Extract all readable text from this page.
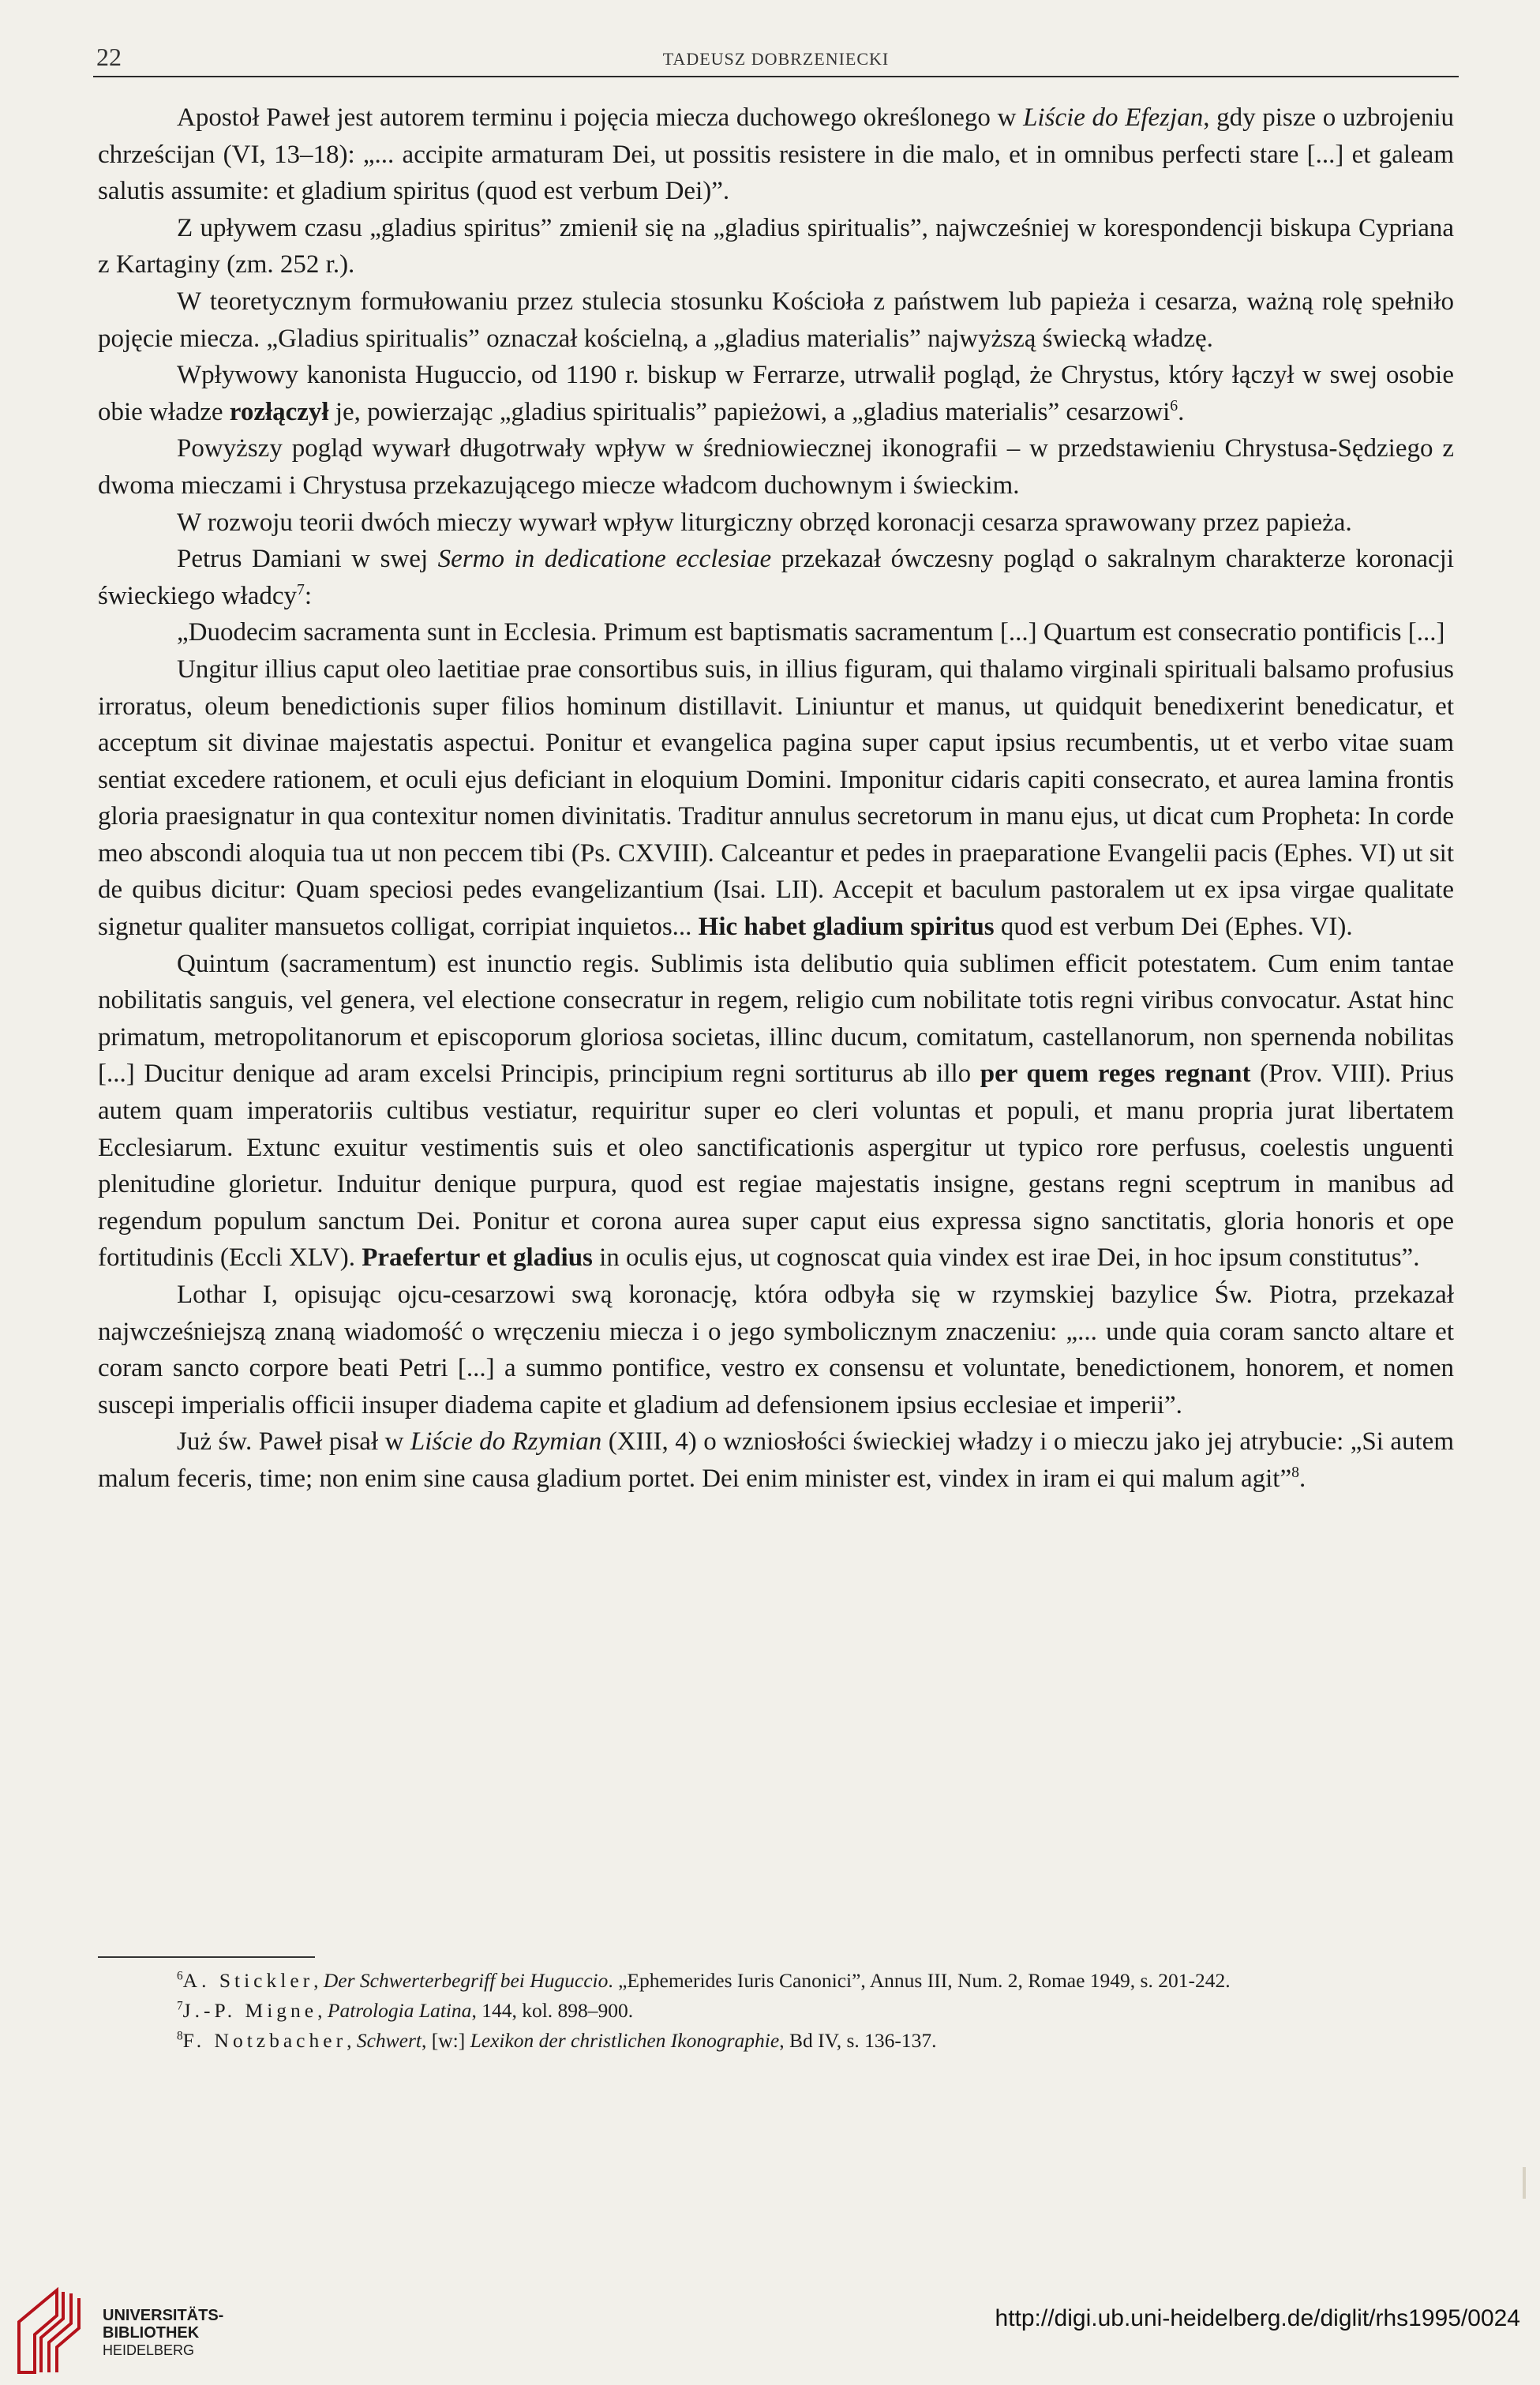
22	TADEUSZ DOBRZENIECKI

Apostoł Paweł jest autorem terminu i pojęcia miecza duchowego określonego w Liście do Efezjan, gdy pisze o uzbrojeniu chrześcijan (VI, 13–18): „... accipite armaturam Dei, ut possitis resistere in die malo, et in omnibus perfecti stare [...] et galeam salutis assumite: et gladium spiritus (quod est verbum Dei)”.

Z upływem czasu „gladius spiritus” zmienił się na „gladius spiritualis”, najwcześniej w korespondencji biskupa Cypriana z Kartaginy (zm. 252 r.).

W teoretycznym formułowaniu przez stulecia stosunku Kościoła z państwem lub papieża i cesarza, ważną rolę spełniło pojęcie miecza. „Gladius spiritualis” oznaczał kościelną, a „gladius materialis” najwyższą świecką władzę.

Wpływowy kanonista Huguccio, od 1190 r. biskup w Ferrarze, utrwalił pogląd, że Chrystus, który łączył w swej osobie obie władze rozłączył je, powierzając „gladius spiritualis” papieżowi, a „gladius materialis” cesarzowi$^6$.

Powyższy pogląd wywarł długotrwały wpływ w średniowiecznej ikonografii – w przedstawieniu Chrystusa-Sędziego z dwoma mieczami i Chrystusa przekazującego miecze władcom duchownym i świeckim.

W rozwoju teorii dwóch mieczy wywarł wpływ liturgiczny obrzęd koronacji cesarza sprawowany przez papieża.

Petrus Damiani w swej Sermo in dedicatione ecclesiae przekazał ówczesny pogląd o sakralnym charakterze koronacji świeckiego władcy$^7$:

„Duodecim sacramenta sunt in Ecclesia. Primum est baptismatis sacramentum [...] Quartum est consecratio pontificis [...]

Ungitur illius caput oleo laetitiae prae consortibus suis, in illius figuram, qui thalamo virginali spirituali balsamo profusius irroratus, oleum benedictionis super filios hominum distillavit. Liniuntur et manus, ut quidquit benedixerint benedicatur, et acceptum sit divinae majestatis aspectui. Ponitur et evangelica pagina super caput ipsius recumbentis, ut et verbo vitae suam sentiat excedere rationem, et oculi ejus deficiant in eloquium Domini. Imponitur cidaris capiti consecrato, et aurea lamina frontis gloria praesignatur in qua contexitur nomen divinitatis. Traditur annulus secretorum in manu ejus, ut dicat cum Propheta: In corde meo abscondi aloquia tua ut non peccem tibi (Ps. CXVIII). Calceantur et pedes in praeparatione Evangelii pacis (Ephes. VI) ut sit de quibus dicitur: Quam speciosi pedes evangelizantium (Isai. LII). Accepit et baculum pastoralem ut ex ipsa virgae qualitate signetur qualiter mansuetos colligat, corripiat inquietos... Hic habet gladium spiritus quod est verbum Dei (Ephes. VI).

Quintum (sacramentum) est inunctio regis. Sublimis ista delibutio quia sublimen efficit potestatem. Cum enim tantae nobilitatis sanguis, vel genera, vel electione consecratur in regem, religio cum nobilitate totis regni viribus convocatur. Astat hinc primatum, metropolitanorum et episcoporum gloriosa societas, illinc ducum, comitatum, castellanorum, non spernenda nobilitas [...] Ducitur denique ad aram excelsi Principis, principium regni sortiturus ab illo per quem reges regnant (Prov. VIII). Prius autem quam imperatoriis cultibus vestiatur, requiritur super eo cleri voluntas et populi, et manu propria jurat libertatem Ecclesiarum. Extunc exuitur vestimentis suis et oleo sanctificationis aspergitur ut typico rore perfusus, coelestis unguenti plenitudine glorietur. Induitur denique purpura, quod est regiae majestatis insigne, gestans regni sceptrum in manibus ad regendum populum sanctum Dei. Ponitur et corona aurea super caput eius expressa signo sanctitatis, gloria honoris et ope fortitudinis (Eccli XLV). Praefertur et gladius in oculis ejus, ut cognoscat quia vindex est irae Dei, in hoc ipsum constitutus”.

Lothar I, opisując ojcu-cesarzowi swą koronację, która odbyła się w rzymskiej bazylice Św. Piotra, przekazał najwcześniejszą znaną wiadomość o wręczeniu miecza i o jego symbolicznym znaczeniu: „... unde quia coram sancto altare et coram sancto corpore beati Petri [...] a summo pontifice, vestro ex consensu et voluntate, benedictionem, honorem, et nomen suscepi imperialis officii insuper diadema capite et gladium ad defensionem ipsius ecclesiae et imperii”.

Już św. Paweł pisał w Liście do Rzymian (XIII, 4) o wzniosłości świeckiej władzy i o mieczu jako jej atrybucie: „Si autem malum feceris, time; non enim sine causa gladium portet. Dei enim minister est, vindex in iram ei qui malum agit”$^8$.

$^6$A. Stickler, Der Schwerterbegriff bei Huguccio. „Ephemerides Iuris Canonici”, Annus III, Num. 2, Romae 1949, s. 201-242.

$^7$J.-P. Migne, Patrologia Latina, 144, kol. 898–900.

$^8$F. Notzbacher, Schwert, [w:] Lexikon der christlichen Ikonographie, Bd IV, s. 136-137.

UNIVERSITÄTS-
BIBLIOTHEK
HEIDELBERG
http://digi.ub.uni-heidelberg.de/diglit/rhs1995/0024
